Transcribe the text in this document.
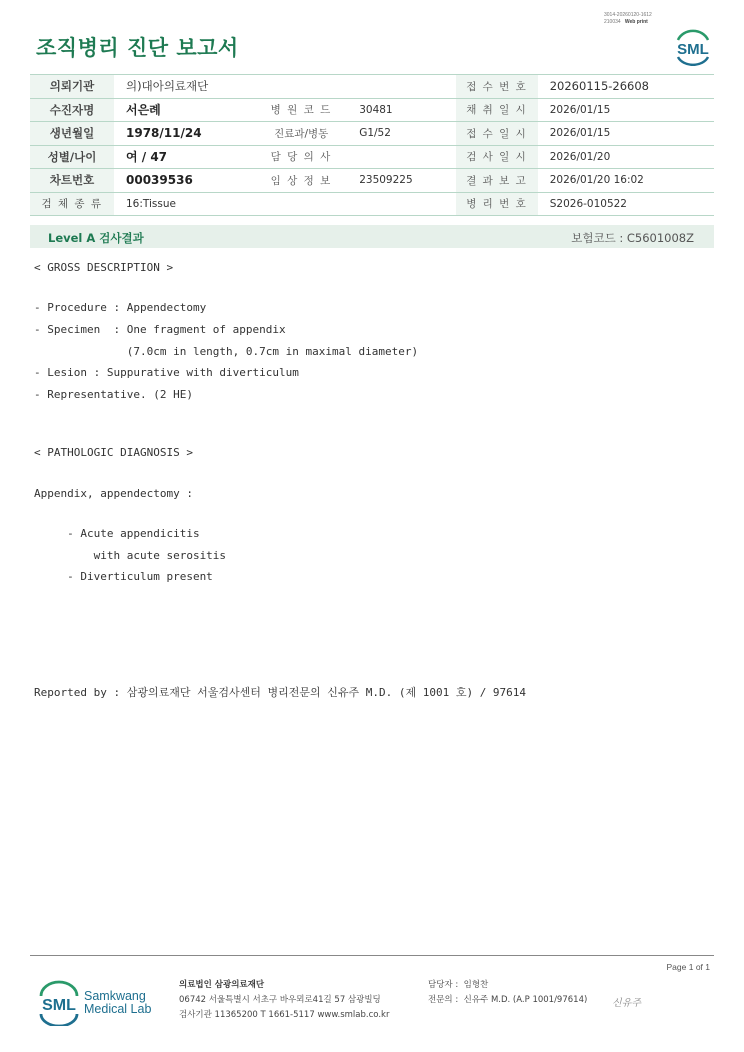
3014-20260120-1612
210034 Web print
조직병리 진단 보고서	SML
의뢰기관	의)대아의료재단			접 수 번 호	20260115-26608
수진자명	서은례	병 원 코 드	30481	채 취 일 시	2026/01/15
생년월일	1978/11/24	진료과/병동	G1/52	접 수 일 시	2026/01/15
성별/나이	여 / 47	담 당 의 사		검 사 일 시	2026/01/20
차트번호	00039536	임 상 정 보	23509225	결 과 보 고	2026/01/20 16:02
검 체 종 류	16:Tissue			병 리 번 호	S2026-010522
Level A 검사결과	보험코드 : C5601008Z
< GROSS DESCRIPTION >
- Procedure : Appendectomy
- Specimen  : One fragment of appendix
(7.0cm in length, 0.7cm in maximal diameter)
- Lesion : Suppurative with diverticulum
- Representative. (2 HE)
< PATHOLOGIC DIAGNOSIS >
Appendix, appendectomy :
- Acute appendicitis
with acute serositis
- Diverticulum present
Reported by : 삼광의료재단 서울검사센터 병리전문의 신유주 M.D. (제 1001 호) / 97614
Page 1 of 1
SML
Samkwang
Medical Lab
의료법인 삼광의료재단
06742 서울특별시 서초구 바우뫼로41길 57 삼광빌딩
검사기관 11365200 T 1661-5117 www.smlab.co.kr
담당자 : 임형찬
전문의 : 신유주 M.D. (A.P 1001/97614) 신유주
